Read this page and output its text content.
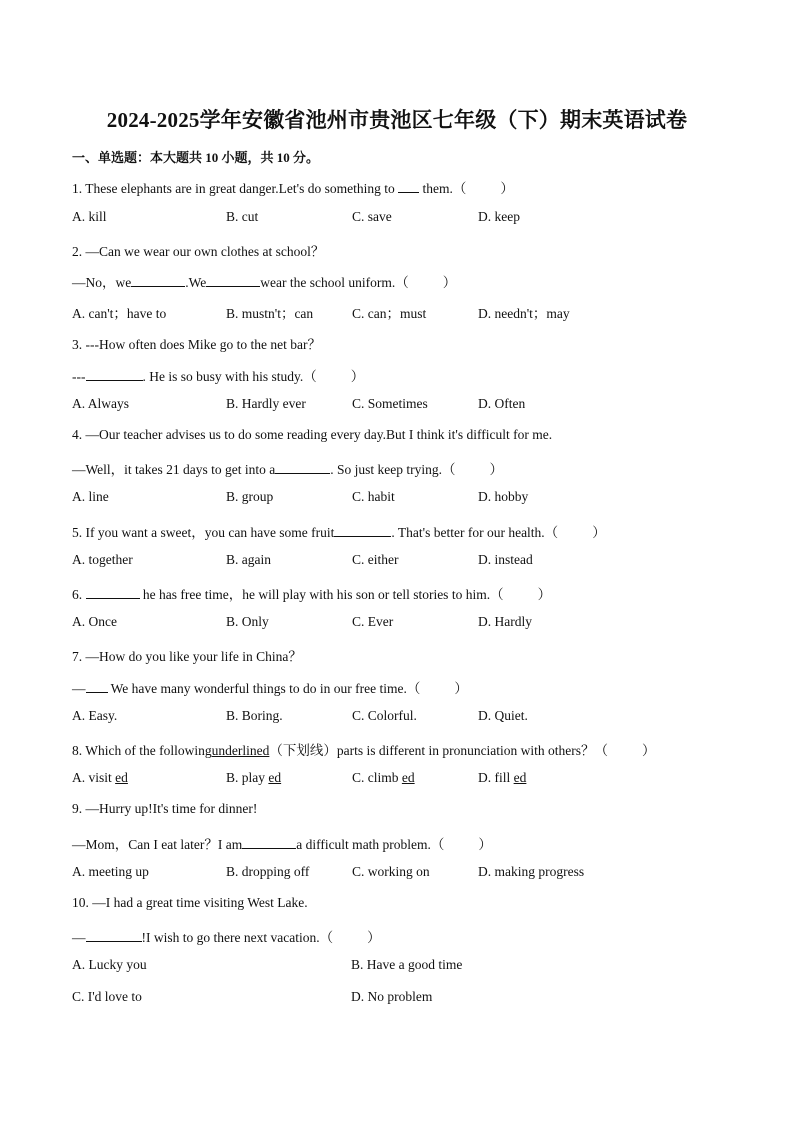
2024-2025学年安徽省池州市贵池区七年级（下）期末英语试卷
一、单选题：本大题共 10 小题，共 10 分。
1. These elephants are in great danger.Let's do something to  them.（	）
A. kill	B. cut	C. save	D. keep
2. —Can we wear our own clothes at school？
—No，we	.We	wear the school uniform.（	）
A. can't；have to	B. mustn't；can	C. can；must	D. needn't；may
3. ---How often does Mike go to the net bar？
---	. He is so busy with his study.（	）
A. Always	B. Hardly ever	C. Sometimes	D. Often
4. —Our teacher advises us to do some reading every day.But I think it's difficult for me.
—Well，it takes 21 days to get into a	. So just keep trying.（	）
A. line	B. group	C. habit	D. hobby
5. If you want a sweet，you can have some fruit	. That's better for our health.（	）
A. together	B. again	C. either	D. instead
6.	he has free time，he will play with his son or tell stories to him.（	）
A. Once	B. Only	C. Ever	D. Hardly
7. —How do you like your life in China？
— We have many wonderful things to do in our free time.（	）
A. Easy.	B. Boring.	C. Colorful.	D. Quiet.
8. Which of the followingunderlined（下划线）parts is different in pronunciation with others？（	）
A. visit ed	B. play ed	C. climb ed	D. fill ed
9. —Hurry up!It's time for dinner!
—Mom，Can I eat later？I am	a difficult math problem.（	）
A. meeting up	B. dropping off	C. working on	D. making progress
10. —I had a great time visiting West Lake.
—	!I wish to go there next vacation.（	）
A. Lucky you	B. Have a good time
C. I'd love to	D. No problem
